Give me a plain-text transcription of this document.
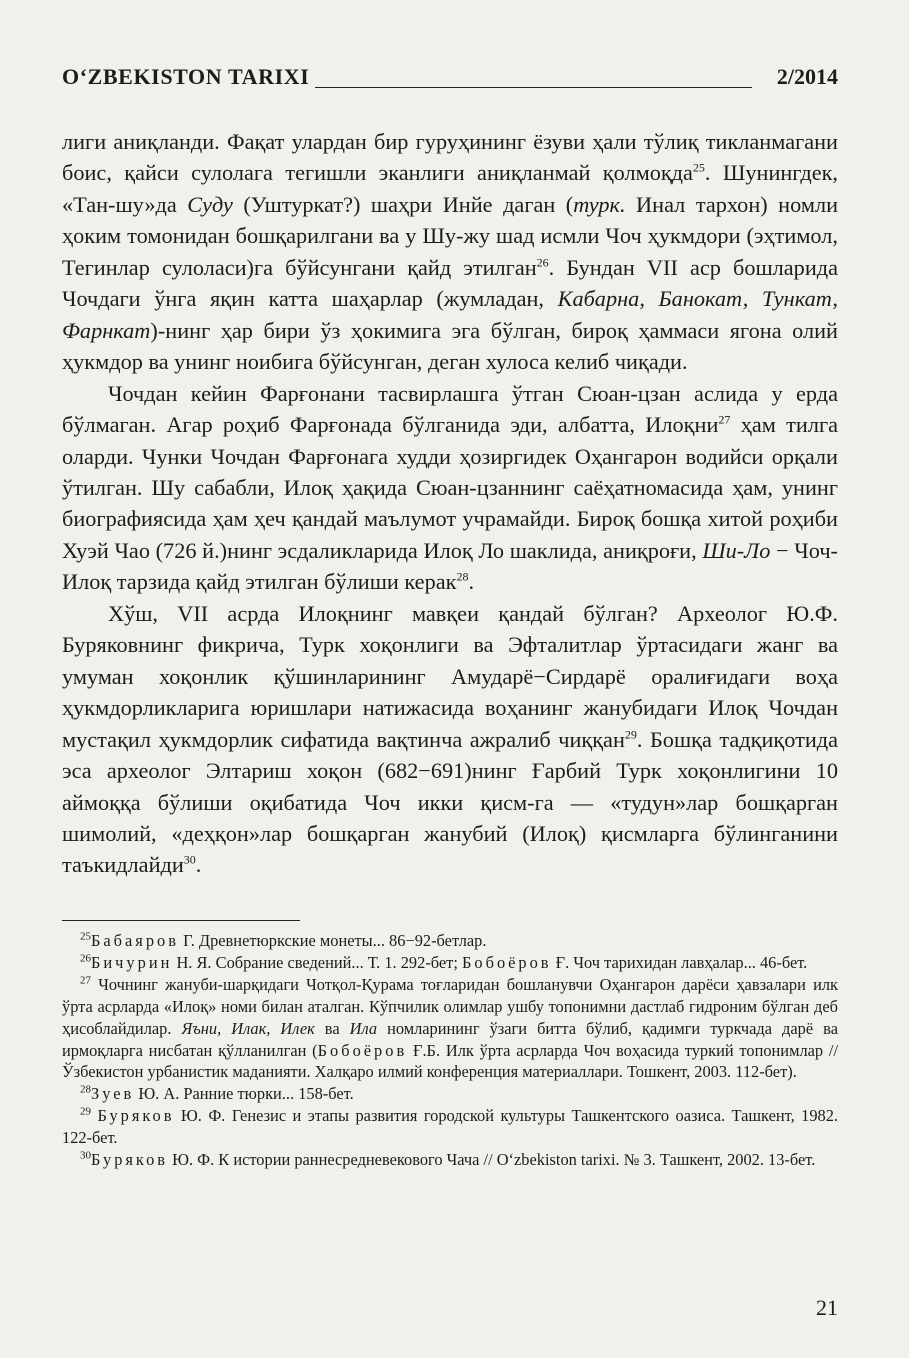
O‘ZBEKISTON TARIXI	2/2014

лиги аниқланди. Фақат улардан бир гуруҳининг ёзуви ҳали тўлиқ тикланмагани боис, қайси сулолага тегишли эканлиги аниқланмай қолмоқда$^{25}$. Шунингдек, «Тан-шу»да Суду (Уштуркат?) шаҳри Инйе даган (турк. Инал тархон) номли ҳоким томонидан бошқарилгани ва у Шу-жу шад исмли Чоч ҳукмдори (эҳтимол, Тегинлар сулоласи)га бўйсунгани қайд этилган$^{26}$. Бундан VII аср бошларида Чочдаги ўнга яқин катта шаҳарлар (жумладан, Кабарна, Банокат, Тункат, Фарнкат)-нинг ҳар бири ўз ҳокимига эга бўлган, бироқ ҳаммаси ягона олий ҳукмдор ва унинг ноибига бўйсунган, деган хулоса келиб чиқади.

Чочдан кейин Фарғонани тасвирлашга ўтган Сюан-цзан аслида у ерда бўлмаган. Агар роҳиб Фарғонада бўлганида эди, албатта, Илоқни$^{27}$ ҳам тилга оларди. Чунки Чочдан Фарғонага худди ҳозиргидек Оҳангарон водийси орқали ўтилган. Шу сабабли, Илоқ ҳақида Сюан-цзаннинг саёҳатномасида ҳам, унинг биографиясида ҳам ҳеч қандай маълумот учрамайди. Бироқ бошқа хитой роҳиби Хуэй Чао (726 й.)нинг эсдаликларида Илоқ Ло шаклида, аниқроғи, Ши-Ло − Чоч-Илоқ тарзида қайд этилган бўлиши керак$^{28}$.

Хўш, VII асрда Илоқнинг мавқеи қандай бўлган? Археолог Ю.Ф. Буряковнинг фикрича, Турк хоқонлиги ва Эфталитлар ўртасидаги жанг ва умуман хоқонлик қўшинларининг Амударё−Сирдарё оралиғидаги воҳа ҳукмдорликларига юришлари натижасида воҳанинг жанубидаги Илоқ Чочдан мустақил ҳукмдорлик сифатида вақтинча ажралиб чиққан$^{29}$. Бошқа тадқиқотида эса археолог Элтариш хоқон (682−691)нинг Ғарбий Турк хоқонлигини 10 аймоққа бўлиши оқибатида Чоч икки қисм-га — «тудун»лар бошқарган шимолий, «деҳқон»лар бошқарган жанубий (Илоқ) қисмларга бўлинганини таъкидлайди$^{30}$.

$^{25}$Бабаяров Г. Древнетюркские монеты... 86−92-бетлар.

$^{26}$Бичурин Н. Я. Собрание сведений... Т. 1. 292-бет; Бобоёров Ғ. Чоч тарихидан лавҳалар... 46-бет.

$^{27}$ Чочнинг жануби-шарқидаги Чотқол-Қурама тоғларидан бошланувчи Оҳангарон дарёси ҳавзалари илк ўрта асрларда «Илоқ» номи билан аталган. Кўпчилик олимлар ушбу топонимни дастлаб гидроним бўлган деб ҳисоблайдилар. Яъни, Илак, Илек ва Ила номларининг ўзаги битта бўлиб, қадимги туркчада дарё ва ирмоқларга нисбатан қўлланилган (Бобоёров Ғ.Б. Илк ўрта асрларда Чоч воҳасида туркий топонимлар // Ўзбекистон урбанистик маданияти. Халқаро илмий конференция материаллари. Тошкент, 2003. 112-бет).

$^{28}$Зуев Ю. А. Ранние тюрки... 158-бет.

$^{29}$ Буряков Ю. Ф. Генезис и этапы развития городской культуры Ташкентского оазиса. Ташкент, 1982. 122-бет.

$^{30}$Буряков Ю. Ф. К истории раннесредневекового Чача // O‘zbekiston tarixi. № 3. Ташкент, 2002. 13-бет.

21
